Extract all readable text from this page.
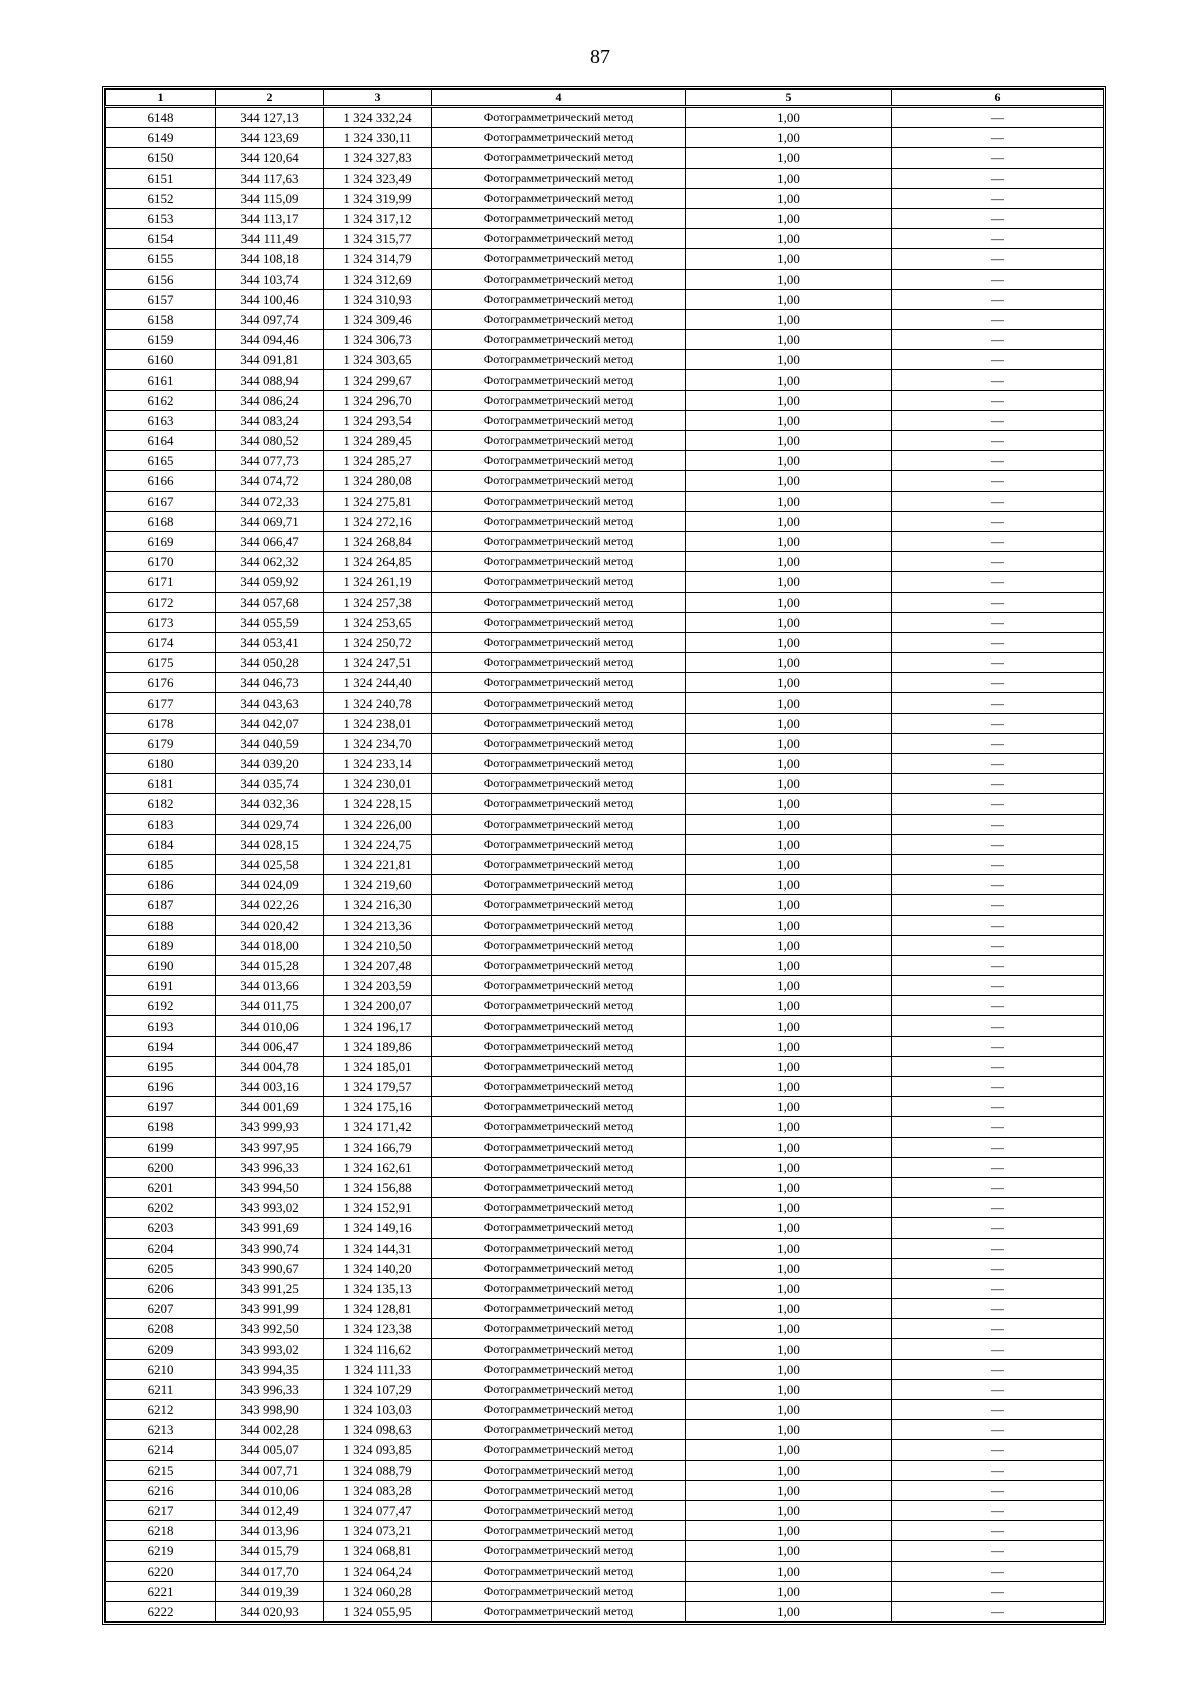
87
1	2	3	4	5	6
6148	344 127,13	1 324 332,24	Фотограмметрический метод	1,00	—
6149	344 123,69	1 324 330,11	Фотограмметрический метод	1,00	—
6150	344 120,64	1 324 327,83	Фотограмметрический метод	1,00	—
6151	344 117,63	1 324 323,49	Фотограмметрический метод	1,00	—
6152	344 115,09	1 324 319,99	Фотограмметрический метод	1,00	—
6153	344 113,17	1 324 317,12	Фотограмметрический метод	1,00	—
6154	344 111,49	1 324 315,77	Фотограмметрический метод	1,00	—
6155	344 108,18	1 324 314,79	Фотограмметрический метод	1,00	—
6156	344 103,74	1 324 312,69	Фотограмметрический метод	1,00	—
6157	344 100,46	1 324 310,93	Фотограмметрический метод	1,00	—
6158	344 097,74	1 324 309,46	Фотограмметрический метод	1,00	—
6159	344 094,46	1 324 306,73	Фотограмметрический метод	1,00	—
6160	344 091,81	1 324 303,65	Фотограмметрический метод	1,00	—
6161	344 088,94	1 324 299,67	Фотограмметрический метод	1,00	—
6162	344 086,24	1 324 296,70	Фотограмметрический метод	1,00	—
6163	344 083,24	1 324 293,54	Фотограмметрический метод	1,00	—
6164	344 080,52	1 324 289,45	Фотограмметрический метод	1,00	—
6165	344 077,73	1 324 285,27	Фотограмметрический метод	1,00	—
6166	344 074,72	1 324 280,08	Фотограмметрический метод	1,00	—
6167	344 072,33	1 324 275,81	Фотограмметрический метод	1,00	—
6168	344 069,71	1 324 272,16	Фотограмметрический метод	1,00	—
6169	344 066,47	1 324 268,84	Фотограмметрический метод	1,00	—
6170	344 062,32	1 324 264,85	Фотограмметрический метод	1,00	—
6171	344 059,92	1 324 261,19	Фотограмметрический метод	1,00	—
6172	344 057,68	1 324 257,38	Фотограмметрический метод	1,00	—
6173	344 055,59	1 324 253,65	Фотограмметрический метод	1,00	—
6174	344 053,41	1 324 250,72	Фотограмметрический метод	1,00	—
6175	344 050,28	1 324 247,51	Фотограмметрический метод	1,00	—
6176	344 046,73	1 324 244,40	Фотограмметрический метод	1,00	—
6177	344 043,63	1 324 240,78	Фотограмметрический метод	1,00	—
6178	344 042,07	1 324 238,01	Фотограмметрический метод	1,00	—
6179	344 040,59	1 324 234,70	Фотограмметрический метод	1,00	—
6180	344 039,20	1 324 233,14	Фотограмметрический метод	1,00	—
6181	344 035,74	1 324 230,01	Фотограмметрический метод	1,00	—
6182	344 032,36	1 324 228,15	Фотограмметрический метод	1,00	—
6183	344 029,74	1 324 226,00	Фотограмметрический метод	1,00	—
6184	344 028,15	1 324 224,75	Фотограмметрический метод	1,00	—
6185	344 025,58	1 324 221,81	Фотограмметрический метод	1,00	—
6186	344 024,09	1 324 219,60	Фотограмметрический метод	1,00	—
6187	344 022,26	1 324 216,30	Фотограмметрический метод	1,00	—
6188	344 020,42	1 324 213,36	Фотограмметрический метод	1,00	—
6189	344 018,00	1 324 210,50	Фотограмметрический метод	1,00	—
6190	344 015,28	1 324 207,48	Фотограмметрический метод	1,00	—
6191	344 013,66	1 324 203,59	Фотограмметрический метод	1,00	—
6192	344 011,75	1 324 200,07	Фотограмметрический метод	1,00	—
6193	344 010,06	1 324 196,17	Фотограмметрический метод	1,00	—
6194	344 006,47	1 324 189,86	Фотограмметрический метод	1,00	—
6195	344 004,78	1 324 185,01	Фотограмметрический метод	1,00	—
6196	344 003,16	1 324 179,57	Фотограмметрический метод	1,00	—
6197	344 001,69	1 324 175,16	Фотограмметрический метод	1,00	—
6198	343 999,93	1 324 171,42	Фотограмметрический метод	1,00	—
6199	343 997,95	1 324 166,79	Фотограмметрический метод	1,00	—
6200	343 996,33	1 324 162,61	Фотограмметрический метод	1,00	—
6201	343 994,50	1 324 156,88	Фотограмметрический метод	1,00	—
6202	343 993,02	1 324 152,91	Фотограмметрический метод	1,00	—
6203	343 991,69	1 324 149,16	Фотограмметрический метод	1,00	—
6204	343 990,74	1 324 144,31	Фотограмметрический метод	1,00	—
6205	343 990,67	1 324 140,20	Фотограмметрический метод	1,00	—
6206	343 991,25	1 324 135,13	Фотограмметрический метод	1,00	—
6207	343 991,99	1 324 128,81	Фотограмметрический метод	1,00	—
6208	343 992,50	1 324 123,38	Фотограмметрический метод	1,00	—
6209	343 993,02	1 324 116,62	Фотограмметрический метод	1,00	—
6210	343 994,35	1 324 111,33	Фотограмметрический метод	1,00	—
6211	343 996,33	1 324 107,29	Фотограмметрический метод	1,00	—
6212	343 998,90	1 324 103,03	Фотограмметрический метод	1,00	—
6213	344 002,28	1 324 098,63	Фотограмметрический метод	1,00	—
6214	344 005,07	1 324 093,85	Фотограмметрический метод	1,00	—
6215	344 007,71	1 324 088,79	Фотограмметрический метод	1,00	—
6216	344 010,06	1 324 083,28	Фотограмметрический метод	1,00	—
6217	344 012,49	1 324 077,47	Фотограмметрический метод	1,00	—
6218	344 013,96	1 324 073,21	Фотограмметрический метод	1,00	—
6219	344 015,79	1 324 068,81	Фотограмметрический метод	1,00	—
6220	344 017,70	1 324 064,24	Фотограмметрический метод	1,00	—
6221	344 019,39	1 324 060,28	Фотограмметрический метод	1,00	—
6222	344 020,93	1 324 055,95	Фотограмметрический метод	1,00	—
